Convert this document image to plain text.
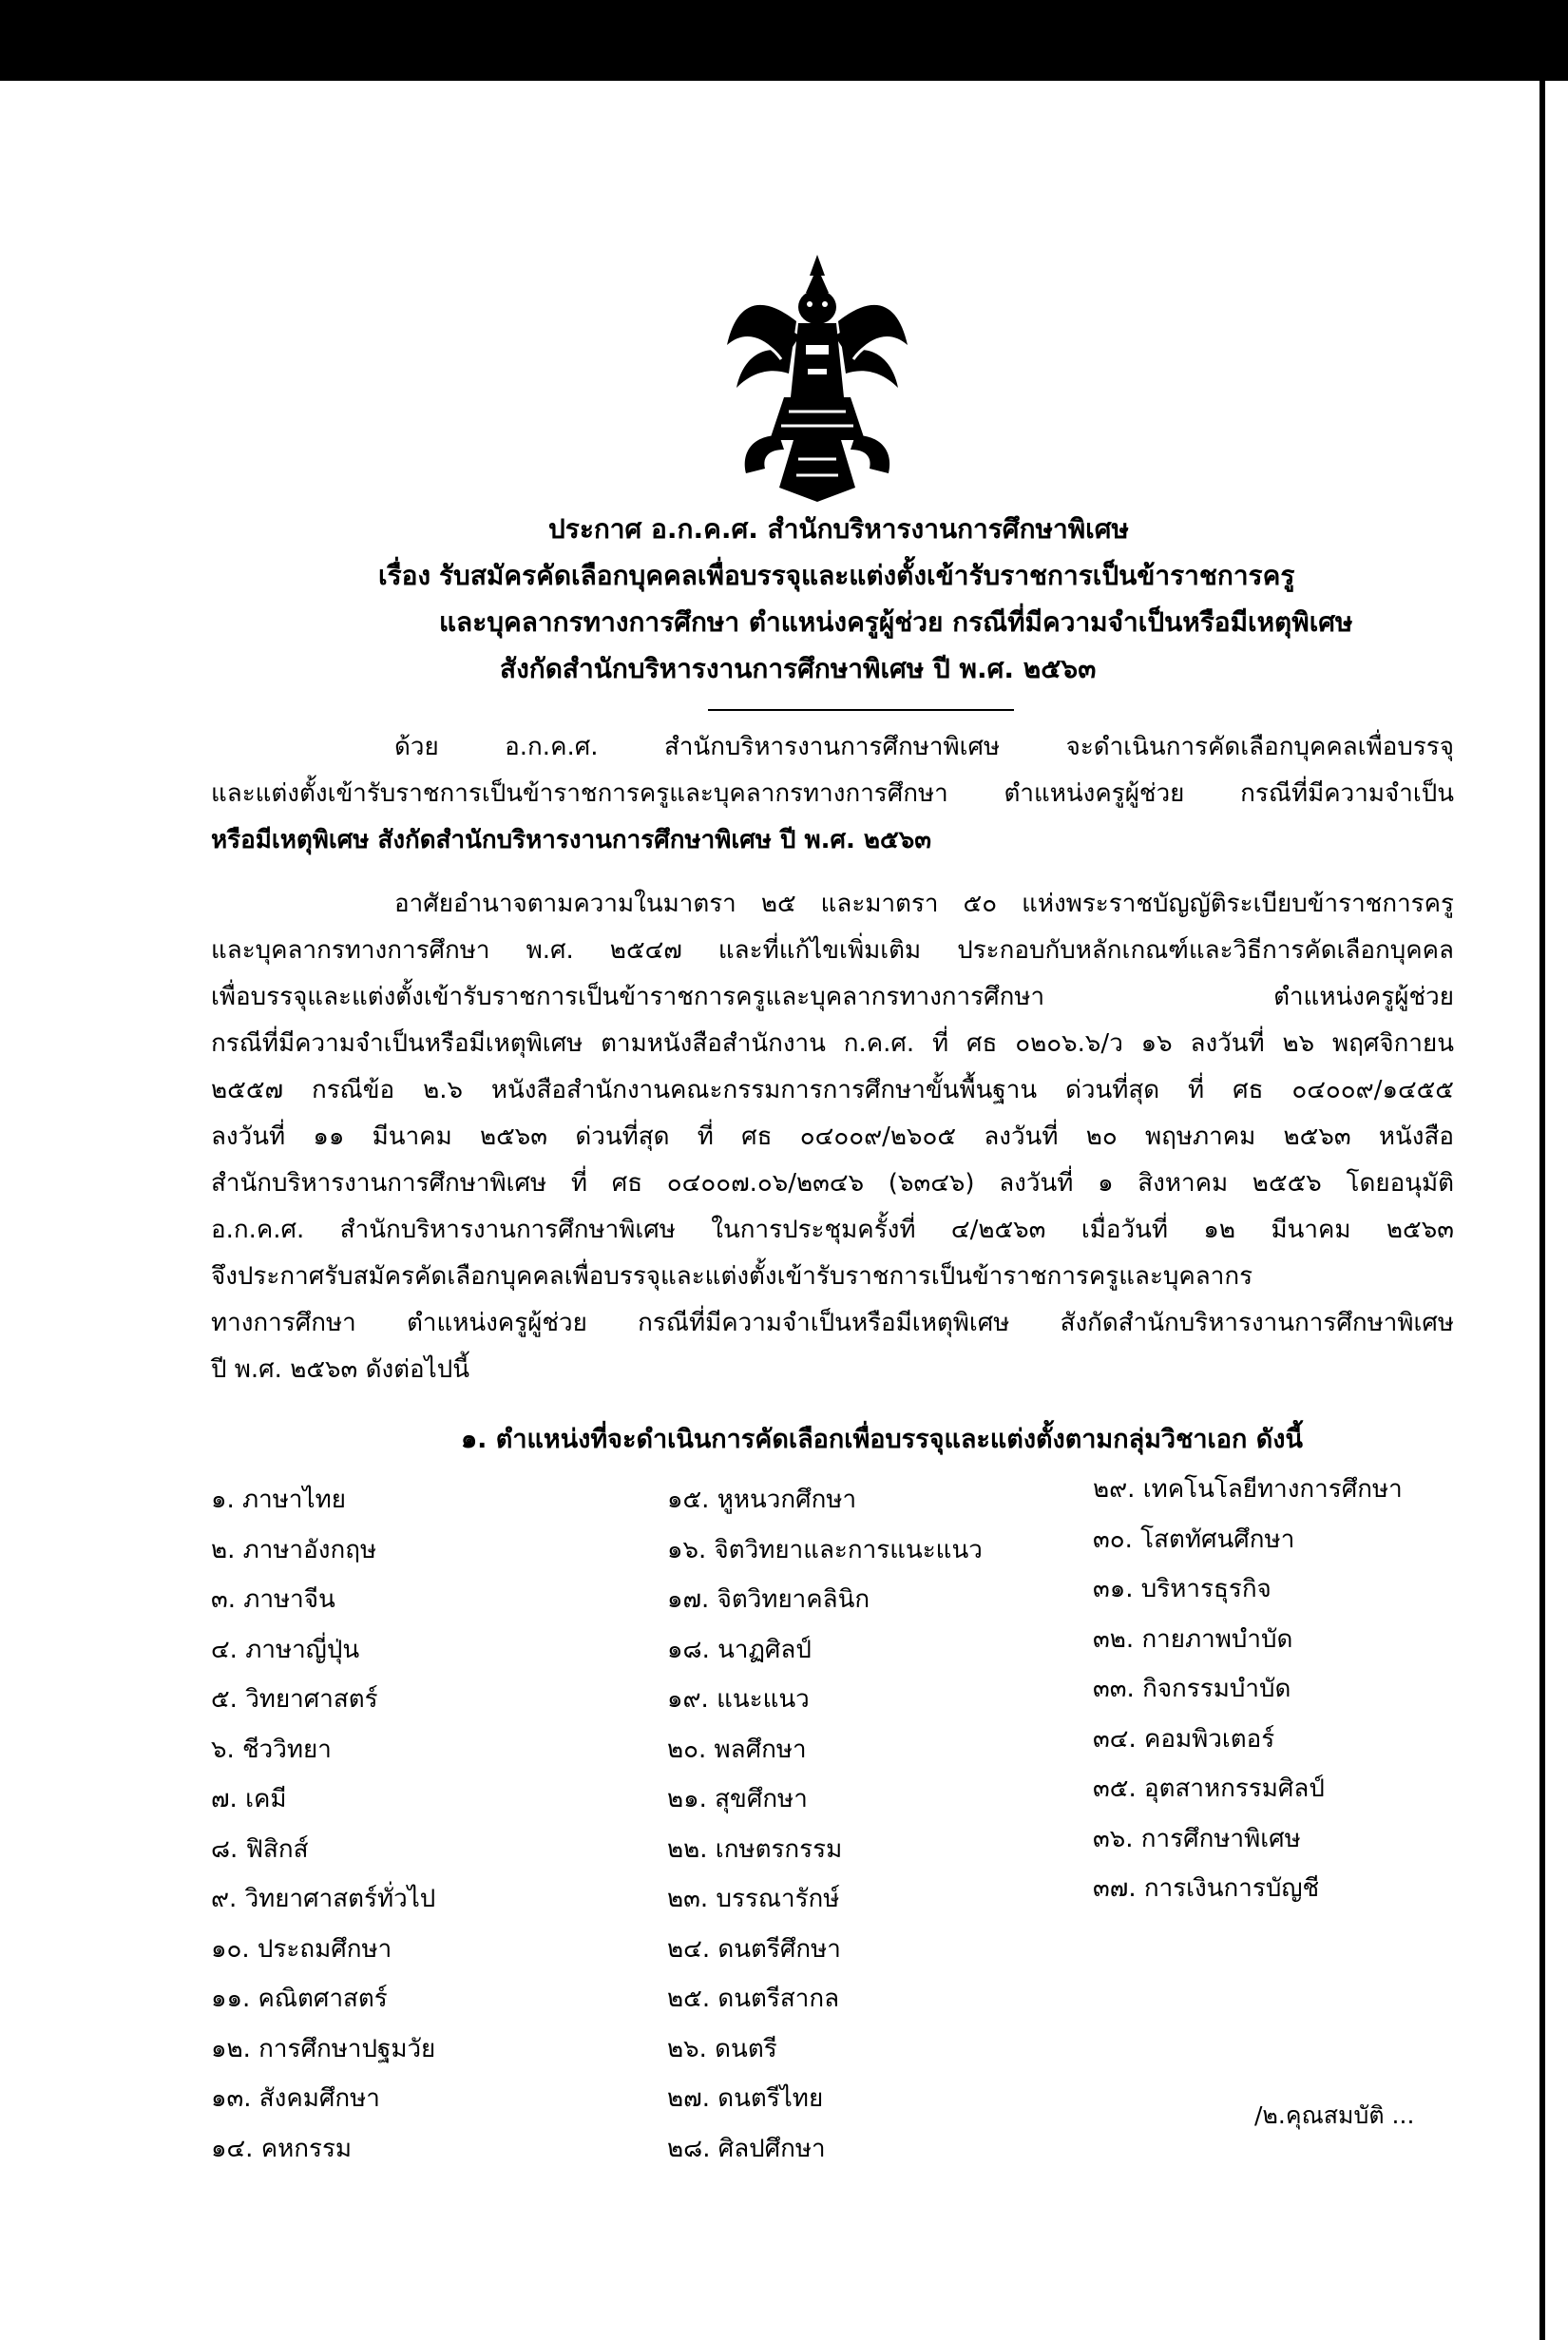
ประกาศ อ.ก.ค.ศ. สำนักบริหารงานการศึกษาพิเศษ
เรื่อง รับสมัครคัดเลือกบุคคลเพื่อบรรจุและแต่งตั้งเข้ารับราชการเป็นข้าราชการครู
และบุคลากรทางการศึกษา ตำแหน่งครูผู้ช่วย กรณีที่มีความจำเป็นหรือมีเหตุพิเศษ
สังกัดสำนักบริหารงานการศึกษาพิเศษ ปี พ.ศ. ๒๕๖๓
ด้วย อ.ก.ค.ศ. สำนักบริหารงานการศึกษาพิเศษ จะดำเนินการคัดเลือกบุคคลเพื่อบรรจุ
และแต่งตั้งเข้ารับราชการเป็นข้าราชการครูและบุคลากรทางการศึกษา ตำแหน่งครูผู้ช่วย กรณีที่มีความจำเป็น
หรือมีเหตุพิเศษ สังกัดสำนักบริหารงานการศึกษาพิเศษ ปี พ.ศ. ๒๕๖๓
อาศัยอำนาจตามความในมาตรา ๒๕ และมาตรา ๕๐ แห่งพระราชบัญญัติระเบียบข้าราชการครู
และบุคลากรทางการศึกษา พ.ศ. ๒๕๔๗ และที่แก้ไขเพิ่มเติม ประกอบกับหลักเกณฑ์และวิธีการคัดเลือกบุคคล
เพื่อบรรจุและแต่งตั้งเข้ารับราชการเป็นข้าราชการครูและบุคลากรทางการศึกษา ตำแหน่งครูผู้ช่วย
กรณีที่มีความจำเป็นหรือมีเหตุพิเศษ ตามหนังสือสำนักงาน ก.ค.ศ. ที่ ศธ ๐๒๐๖.๖/ว ๑๖ ลงวันที่ ๒๖ พฤศจิกายน
๒๕๕๗ กรณีข้อ ๒.๖ หนังสือสำนักงานคณะกรรมการการศึกษาขั้นพื้นฐาน ด่วนที่สุด ที่ ศธ ๐๔๐๐๙/๑๔๕๕
ลงวันที่ ๑๑ มีนาคม ๒๕๖๓ ด่วนที่สุด ที่ ศธ ๐๔๐๐๙/๒๖๐๕ ลงวันที่ ๒๐ พฤษภาคม ๒๕๖๓ หนังสือ
สำนักบริหารงานการศึกษาพิเศษ ที่ ศธ ๐๔๐๐๗.๐๖/๒๓๔๖ (๖๓๔๖) ลงวันที่ ๑ สิงหาคม ๒๕๕๖ โดยอนุมัติ
อ.ก.ค.ศ. สำนักบริหารงานการศึกษาพิเศษ ในการประชุมครั้งที่ ๔/๒๕๖๓ เมื่อวันที่ ๑๒ มีนาคม ๒๕๖๓
จึงประกาศรับสมัครคัดเลือกบุคคลเพื่อบรรจุและแต่งตั้งเข้ารับราชการเป็นข้าราชการครูและบุคลากร
ทางการศึกษา ตำแหน่งครูผู้ช่วย กรณีที่มีความจำเป็นหรือมีเหตุพิเศษ สังกัดสำนักบริหารงานการศึกษาพิเศษ
ปี พ.ศ. ๒๕๖๓ ดังต่อไปนี้
๑. ตำแหน่งที่จะดำเนินการคัดเลือกเพื่อบรรจุและแต่งตั้งตามกลุ่มวิชาเอก ดังนี้
๑. ภาษาไทย
๒. ภาษาอังกฤษ
๓. ภาษาจีน
๔. ภาษาญี่ปุ่น
๕. วิทยาศาสตร์
๖. ชีววิทยา
๗. เคมี
๘. ฟิสิกส์
๙. วิทยาศาสตร์ทั่วไป
๑๐. ประถมศึกษา
๑๑. คณิตศาสตร์
๑๒. การศึกษาปฐมวัย
๑๓. สังคมศึกษา
๑๔. คหกรรม
๑๕. หูหนวกศึกษา
๑๖. จิตวิทยาและการแนะแนว
๑๗. จิตวิทยาคลินิก
๑๘. นาฏศิลป์
๑๙. แนะแนว
๒๐. พลศึกษา
๒๑. สุขศึกษา
๒๒. เกษตรกรรม
๒๓. บรรณารักษ์
๒๔. ดนตรีศึกษา
๒๕. ดนตรีสากล
๒๖. ดนตรี
๒๗. ดนตรีไทย
๒๘. ศิลปศึกษา
๒๙. เทคโนโลยีทางการศึกษา
๓๐. โสตทัศนศึกษา
๓๑. บริหารธุรกิจ
๓๒. กายภาพบำบัด
๓๓. กิจกรรมบำบัด
๓๔. คอมพิวเตอร์
๓๕. อุตสาหกรรมศิลป์
๓๖. การศึกษาพิเศษ
๓๗. การเงินการบัญชี
/๒.คุณสมบัติ ...
